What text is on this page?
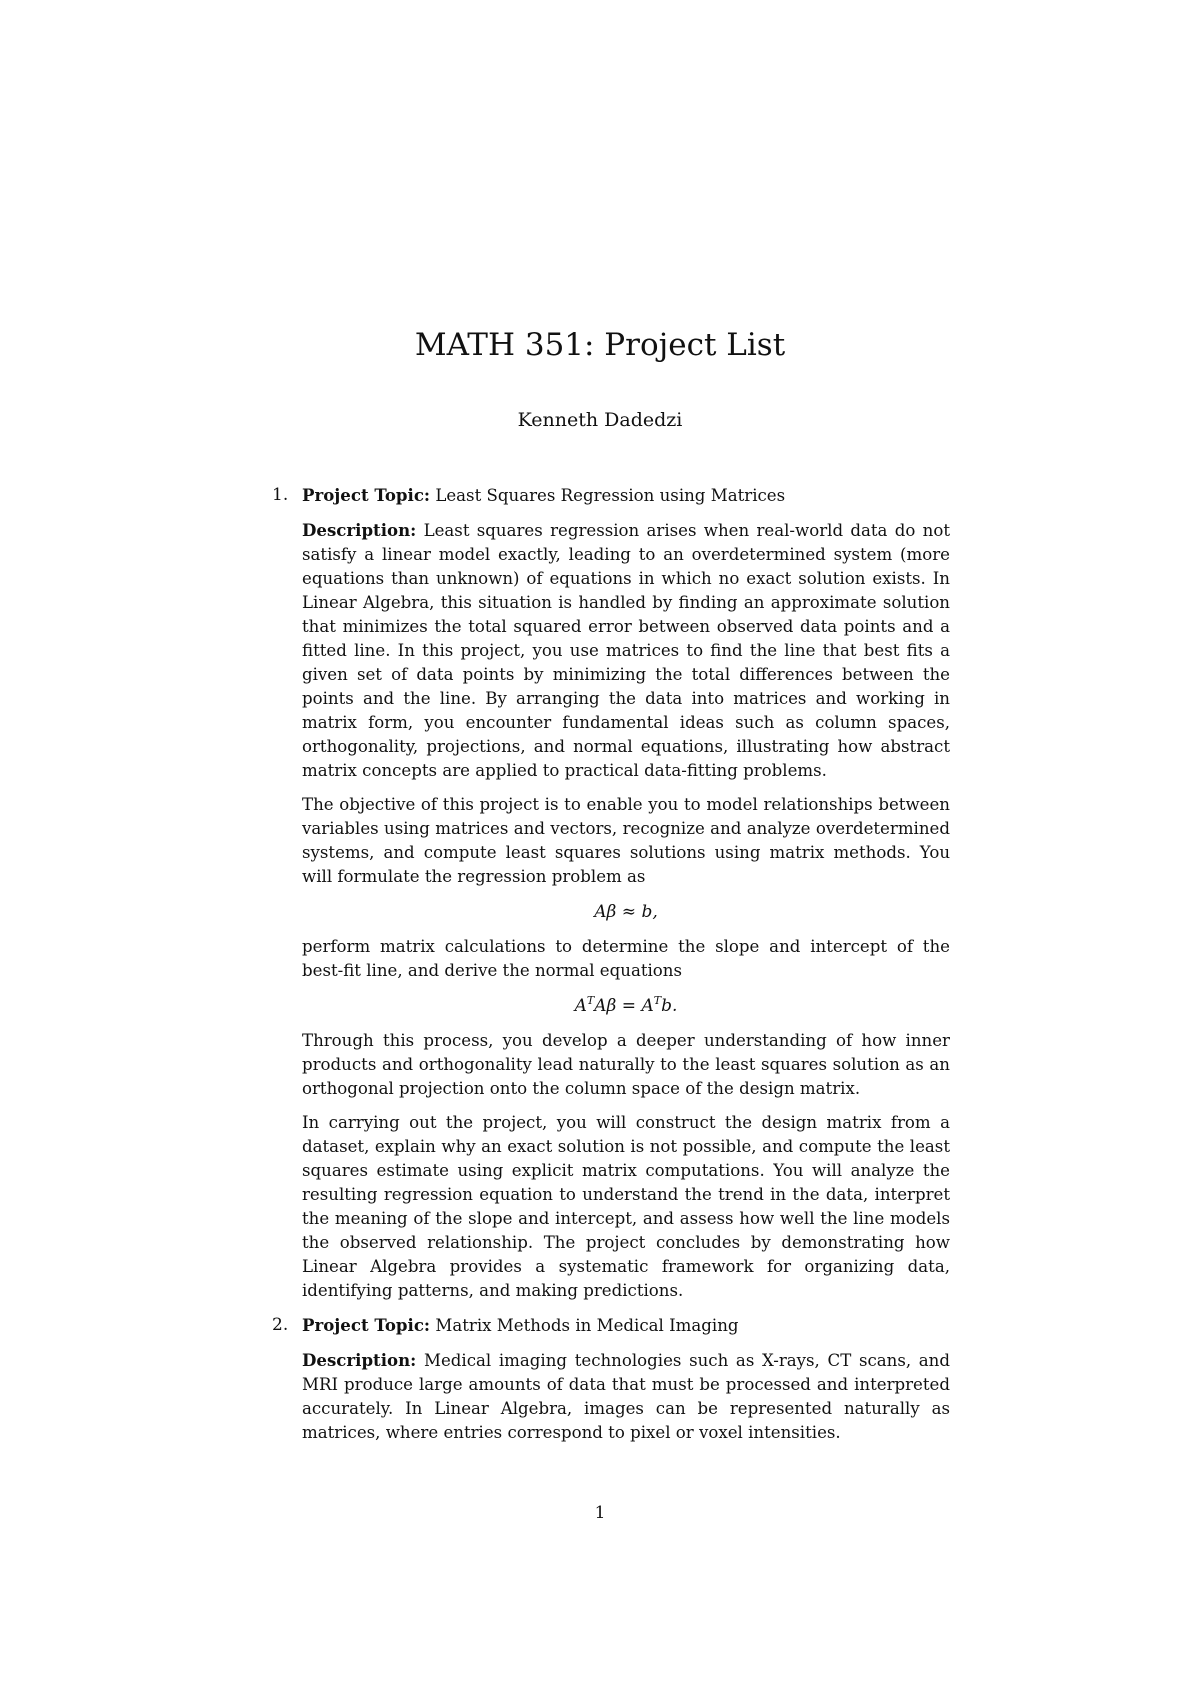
MATH 351: Project List
Kenneth Dadedzi
1. Project Topic: Least Squares Regression using Matrices

Description: Least squares regression arises when real-world data do not satisfy a linear model exactly, leading to an overdetermined system (more equations than unknown) of equations in which no exact solution exists. In Linear Algebra, this situation is handled by finding an approximate solution that minimizes the total squared error between observed data points and a fitted line. In this project, you use matrices to find the line that best fits a given set of data points by minimizing the total differences between the points and the line. By arranging the data into matrices and working in matrix form, you encounter fundamental ideas such as column spaces, orthogonality, projections, and normal equations, illustrating how abstract matrix concepts are applied to practical data-fitting problems.

The objective of this project is to enable you to model relationships between variables using matrices and vectors, recognize and analyze overdetermined systems, and compute least squares solutions using matrix methods. You will formulate the regression problem as

Aβ ≈ b,

perform matrix calculations to determine the slope and intercept of the best-fit line, and derive the normal equations

$A^TA\beta = A^Tb$.

Through this process, you develop a deeper understanding of how inner products and orthogonality lead naturally to the least squares solution as an orthogonal projection onto the column space of the design matrix.

In carrying out the project, you will construct the design matrix from a dataset, explain why an exact solution is not possible, and compute the least squares estimate using explicit matrix computations. You will analyze the resulting regression equation to understand the trend in the data, interpret the meaning of the slope and intercept, and assess how well the line models the observed relationship. The project concludes by demonstrating how Linear Algebra provides a systematic framework for organizing data, identifying patterns, and making predictions.

2. Project Topic: Matrix Methods in Medical Imaging

Description: Medical imaging technologies such as X-rays, CT scans, and MRI produce large amounts of data that must be processed and interpreted accurately. In Linear Algebra, images can be represented naturally as matrices, where entries correspond to pixel or voxel intensities.

1
